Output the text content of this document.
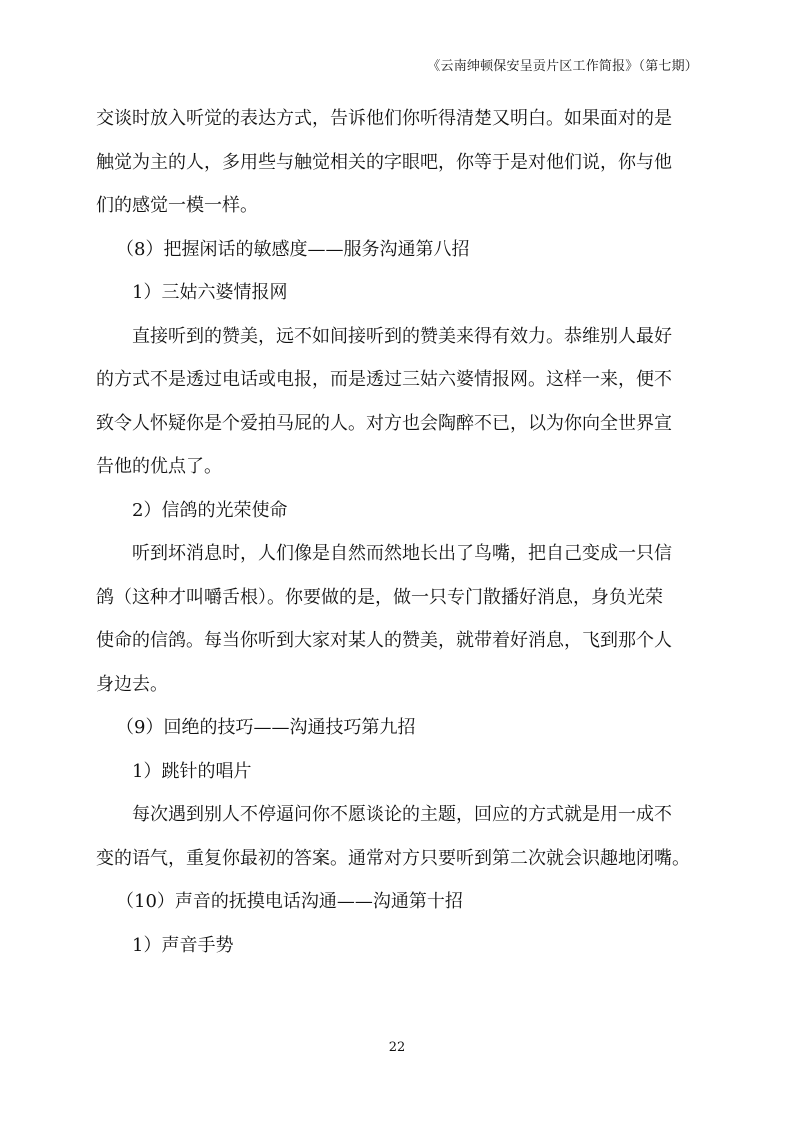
《云南绅顿保安呈贡片区工作简报》（第七期）
交谈时放入听觉的表达方式，告诉他们你听得清楚又明白。如果面对的是
触觉为主的人，多用些与触觉相关的字眼吧，你等于是对他们说，你与他
们的感觉一模一样。
（8）把握闲话的敏感度——服务沟通第八招
1）三姑六婆情报网
直接听到的赞美，远不如间接听到的赞美来得有效力。恭维别人最好
的方式不是透过电话或电报，而是透过三姑六婆情报网。这样一来，便不
致令人怀疑你是个爱拍马屁的人。对方也会陶醉不已，以为你向全世界宣
告他的优点了。
2）信鸽的光荣使命
听到坏消息时，人们像是自然而然地长出了鸟嘴，把自己变成一只信
鸽（这种才叫嚼舌根）。你要做的是，做一只专门散播好消息，身负光荣
使命的信鸽。每当你听到大家对某人的赞美，就带着好消息，飞到那个人
身边去。
（9）回绝的技巧——沟通技巧第九招
1）跳针的唱片
每次遇到别人不停逼问你不愿谈论的主题，回应的方式就是用一成不
变的语气，重复你最初的答案。通常对方只要听到第二次就会识趣地闭嘴。
（10）声音的抚摸电话沟通——沟通第十招
1）声音手势
22
